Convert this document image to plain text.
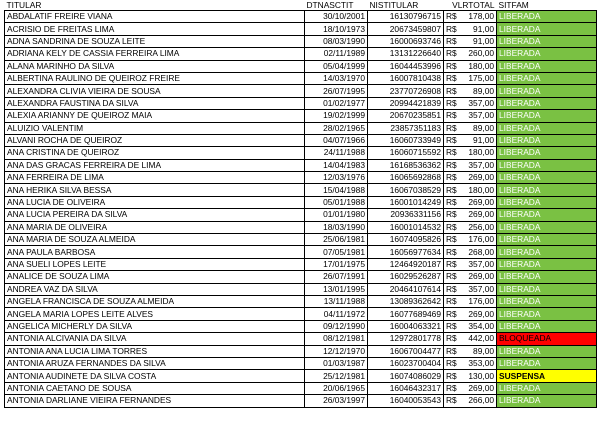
TITULAR	DTNASCTIT	NISTITULAR	VLRTOTAL		SITFAM
ABDALATIF FREIRE VIANA	30/10/2001	16130796715	R$	178,00	LIBERADA
ACRISIO DE FREITAS LIMA	18/10/1973	20673459807	R$	91,00	LIBERADA
ADNA SANDRINA DE SOUZA LEITE	08/03/1990	16000693746	R$	91,00	LIBERADA
ADRIANA KELY DE CASSIA FERREIRA LIMA	02/11/1989	13131226640	R$	260,00	LIBERADA
ALANA MARINHO DA SILVA	05/04/1999	16044453996	R$	180,00	LIBERADA
ALBERTINA RAULINO DE QUEIROZ FREIRE	14/03/1970	16007810438	R$	175,00	LIBERADA
ALEXANDRA CLIVIA VIEIRA DE SOUSA	26/07/1995	23770726908	R$	89,00	LIBERADA
ALEXANDRA FAUSTINA DA SILVA	01/02/1977	20994421839	R$	357,00	LIBERADA
ALEXIA ARIANNY DE QUEIROZ MAIA	19/02/1999	20670235851	R$	357,00	LIBERADA
ALUIZIO VALENTIM	28/02/1965	23857351183	R$	89,00	LIBERADA
ALVANI ROCHA DE QUEIROZ	04/07/1966	16060733949	R$	91,00	LIBERADA
ANA CRISTINA DE QUEIROZ	24/11/1988	16060715592	R$	180,00	LIBERADA
ANA DAS GRACAS FERREIRA DE LIMA	14/04/1983	16168536362	R$	357,00	LIBERADA
ANA FERREIRA DE LIMA	12/03/1976	16065692868	R$	269,00	LIBERADA
ANA HERIKA SILVA BESSA	15/04/1988	16067038529	R$	180,00	LIBERADA
ANA LUCIA DE OLIVEIRA	05/01/1988	16001014249	R$	269,00	LIBERADA
ANA LUCIA PEREIRA DA SILVA	01/01/1980	20936331156	R$	269,00	LIBERADA
ANA MARIA DE OLIVEIRA	18/03/1990	16001014532	R$	256,00	LIBERADA
ANA MARIA DE SOUZA ALMEIDA	25/06/1981	16074095826	R$	176,00	LIBERADA
ANA PAULA BARBOSA	07/05/1981	16056977634	R$	268,00	LIBERADA
ANA SUELI LOPES LEITE	17/01/1975	12464920187	R$	357,00	LIBERADA
ANALICE DE SOUZA LIMA	26/07/1991	16029526287	R$	269,00	LIBERADA
ANDREA VAZ DA SILVA	13/01/1995	20464107614	R$	357,00	LIBERADA
ANGELA FRANCISCA DE SOUZA ALMEIDA	13/11/1988	13089362642	R$	176,00	LIBERADA
ANGELA MARIA LOPES LEITE ALVES	04/11/1972	16077689469	R$	269,00	LIBERADA
ANGELICA MICHERLY DA SILVA	09/12/1990	16004063321	R$	354,00	LIBERADA
ANTONIA ALCIVANIA DA SILVA	08/12/1981	12972801778	R$	442,00	BLOQUEADA
ANTONIA ANA LUCIA LIMA TORRES	12/12/1970	16067004477	R$	89,00	LIBERADA
ANTONIA ARUZA FERNANDES DA SILVA	01/03/1987	16023700404	R$	353,00	LIBERADA
ANTONIA AUDINETE DA SILVA COSTA	25/12/1981	16074086029	R$	130,00	SUSPENSA
ANTONIA CAETANO DE SOUSA	20/06/1965	16046432317	R$	269,00	LIBERADA
ANTONIA DARLIANE VIEIRA FERNANDES	26/03/1997	16040053543	R$	266,00	LIBERADA
